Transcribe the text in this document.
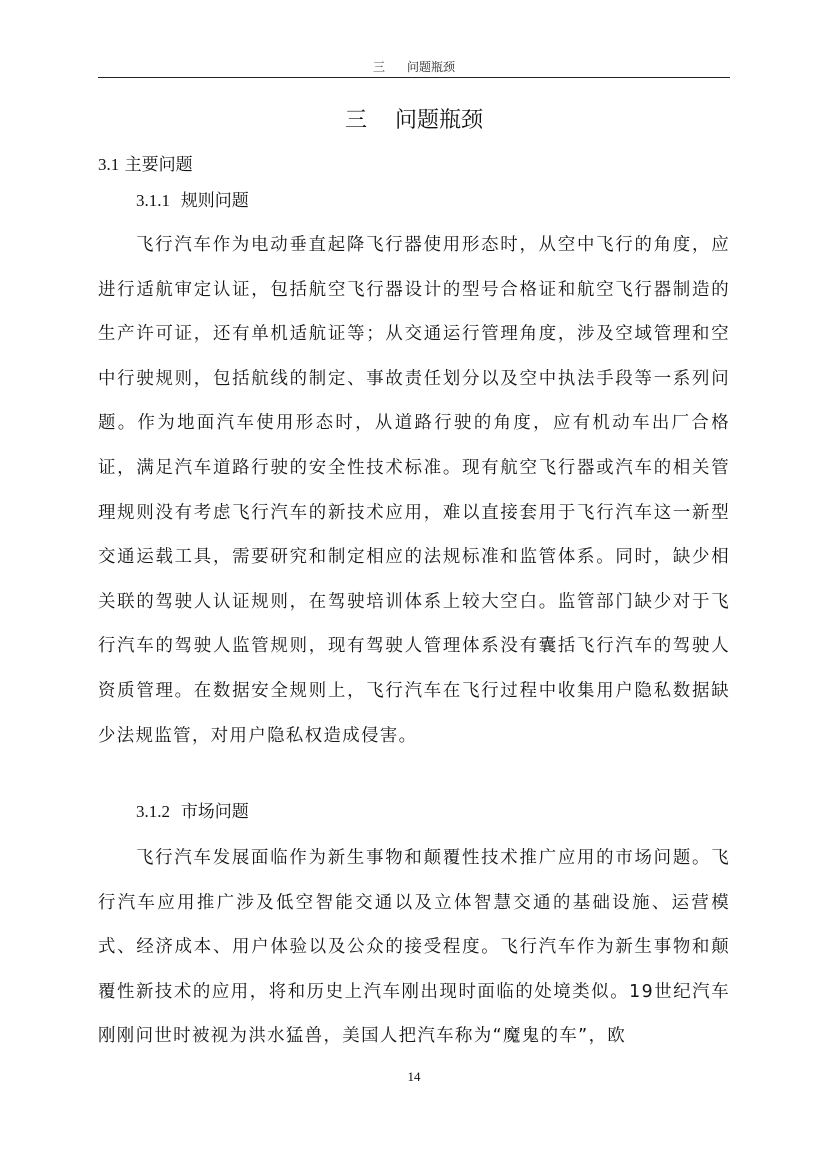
三 问题瓶颈
三 问题瓶颈
3.1 主要问题
3.1.1 规则问题

飞行汽车作为电动垂直起降飞行器使用形态时，从空中飞行的角度，应进行适航审定认证，包括航空飞行器设计的型号合格证和航空飞行器制造的生产许可证，还有单机适航证等；从交通运行管理角度，涉及空域管理和空中行驶规则，包括航线的制定、事故责任划分以及空中执法手段等一系列问题。作为地面汽车使用形态时，从道路行驶的角度，应有机动车出厂合格证，满足汽车道路行驶的安全性技术标准。现有航空飞行器或汽车的相关管理规则没有考虑飞行汽车的新技术应用，难以直接套用于飞行汽车这一新型交通运载工具，需要研究和制定相应的法规标准和监管体系。同时，缺少相关联的驾驶人认证规则，在驾驶培训体系上较大空白。监管部门缺少对于飞行汽车的驾驶人监管规则，现有驾驶人管理体系没有囊括飞行汽车的驾驶人资质管理。在数据安全规则上，飞行汽车在飞行过程中收集用户隐私数据缺少法规监管，对用户隐私权造成侵害。

3.1.2 市场问题

飞行汽车发展面临作为新生事物和颠覆性技术推广应用的市场问题。飞行汽车应用推广涉及低空智能交通以及立体智慧交通的基础设施、运营模式、经济成本、用户体验以及公众的接受程度。飞行汽车作为新生事物和颠覆性新技术的应用，将和历史上汽车刚出现时面临的处境类似。19世纪汽车刚刚问世时被视为洪水猛兽，美国人把汽车称为“魔鬼的车”，欧

14
